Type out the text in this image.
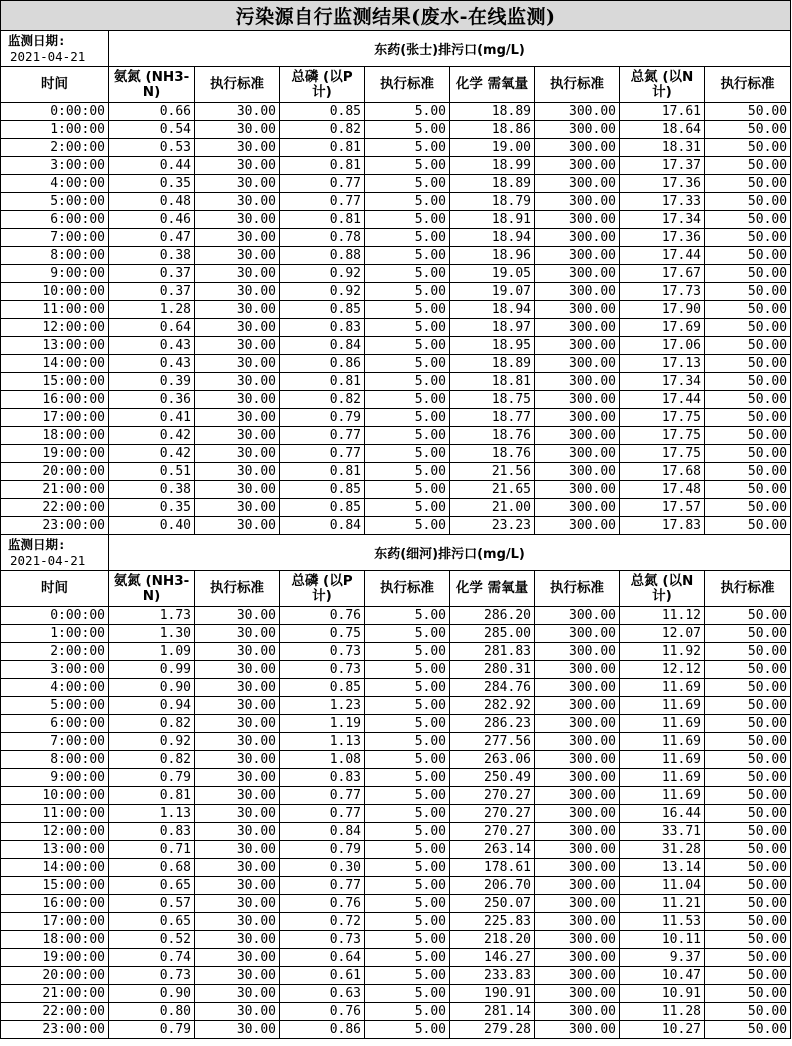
污染源自行监测结果(废水-在线监测)								

监测日期:
2021-04-21	东药(张士)排污口(mg/L)							
时间	氨氮 (NH3-N)	执行标准	总磷 (以P计)	执行标准	化学 需氧量	执行标准	总氮 (以N计)	执行标准
0:00:00	0.66	30.00	0.85	5.00	18.89	300.00	17.61	50.00
1:00:00	0.54	30.00	0.82	5.00	18.86	300.00	18.64	50.00
2:00:00	0.53	30.00	0.81	5.00	19.00	300.00	18.31	50.00
3:00:00	0.44	30.00	0.81	5.00	18.99	300.00	17.37	50.00
4:00:00	0.35	30.00	0.77	5.00	18.89	300.00	17.36	50.00
5:00:00	0.48	30.00	0.77	5.00	18.79	300.00	17.33	50.00
6:00:00	0.46	30.00	0.81	5.00	18.91	300.00	17.34	50.00
7:00:00	0.47	30.00	0.78	5.00	18.94	300.00	17.36	50.00
8:00:00	0.38	30.00	0.88	5.00	18.96	300.00	17.44	50.00
9:00:00	0.37	30.00	0.92	5.00	19.05	300.00	17.67	50.00
10:00:00	0.37	30.00	0.92	5.00	19.07	300.00	17.73	50.00
11:00:00	1.28	30.00	0.85	5.00	18.94	300.00	17.90	50.00
12:00:00	0.64	30.00	0.83	5.00	18.97	300.00	17.69	50.00
13:00:00	0.43	30.00	0.84	5.00	18.95	300.00	17.06	50.00
14:00:00	0.43	30.00	0.86	5.00	18.89	300.00	17.13	50.00
15:00:00	0.39	30.00	0.81	5.00	18.81	300.00	17.34	50.00
16:00:00	0.36	30.00	0.82	5.00	18.75	300.00	17.44	50.00
17:00:00	0.41	30.00	0.79	5.00	18.77	300.00	17.75	50.00
18:00:00	0.42	30.00	0.77	5.00	18.76	300.00	17.75	50.00
19:00:00	0.42	30.00	0.77	5.00	18.76	300.00	17.75	50.00
20:00:00	0.51	30.00	0.81	5.00	21.56	300.00	17.68	50.00
21:00:00	0.38	30.00	0.85	5.00	21.65	300.00	17.48	50.00
22:00:00	0.35	30.00	0.85	5.00	21.00	300.00	17.57	50.00
23:00:00	0.40	30.00	0.84	5.00	23.23	300.00	17.83	50.00

监测日期:
2021-04-21	东药(细河)排污口(mg/L)							
时间	氨氮 (NH3-N)	执行标准	总磷 (以P计)	执行标准	化学 需氧量	执行标准	总氮 (以N计)	执行标准
0:00:00	1.73	30.00	0.76	5.00	286.20	300.00	11.12	50.00
1:00:00	1.30	30.00	0.75	5.00	285.00	300.00	12.07	50.00
2:00:00	1.09	30.00	0.73	5.00	281.83	300.00	11.92	50.00
3:00:00	0.99	30.00	0.73	5.00	280.31	300.00	12.12	50.00
4:00:00	0.90	30.00	0.85	5.00	284.76	300.00	11.69	50.00
5:00:00	0.94	30.00	1.23	5.00	282.92	300.00	11.69	50.00
6:00:00	0.82	30.00	1.19	5.00	286.23	300.00	11.69	50.00
7:00:00	0.92	30.00	1.13	5.00	277.56	300.00	11.69	50.00
8:00:00	0.82	30.00	1.08	5.00	263.06	300.00	11.69	50.00
9:00:00	0.79	30.00	0.83	5.00	250.49	300.00	11.69	50.00
10:00:00	0.81	30.00	0.77	5.00	270.27	300.00	11.69	50.00
11:00:00	1.13	30.00	0.77	5.00	270.27	300.00	16.44	50.00
12:00:00	0.83	30.00	0.84	5.00	270.27	300.00	33.71	50.00
13:00:00	0.71	30.00	0.79	5.00	263.14	300.00	31.28	50.00
14:00:00	0.68	30.00	0.30	5.00	178.61	300.00	13.14	50.00
15:00:00	0.65	30.00	0.77	5.00	206.70	300.00	11.04	50.00
16:00:00	0.57	30.00	0.76	5.00	250.07	300.00	11.21	50.00
17:00:00	0.65	30.00	0.72	5.00	225.83	300.00	11.53	50.00
18:00:00	0.52	30.00	0.73	5.00	218.20	300.00	10.11	50.00
19:00:00	0.74	30.00	0.64	5.00	146.27	300.00	9.37	50.00
20:00:00	0.73	30.00	0.61	5.00	233.83	300.00	10.47	50.00
21:00:00	0.90	30.00	0.63	5.00	190.91	300.00	10.91	50.00
22:00:00	0.80	30.00	0.76	5.00	281.14	300.00	11.28	50.00
23:00:00	0.79	30.00	0.86	5.00	279.28	300.00	10.27	50.00
